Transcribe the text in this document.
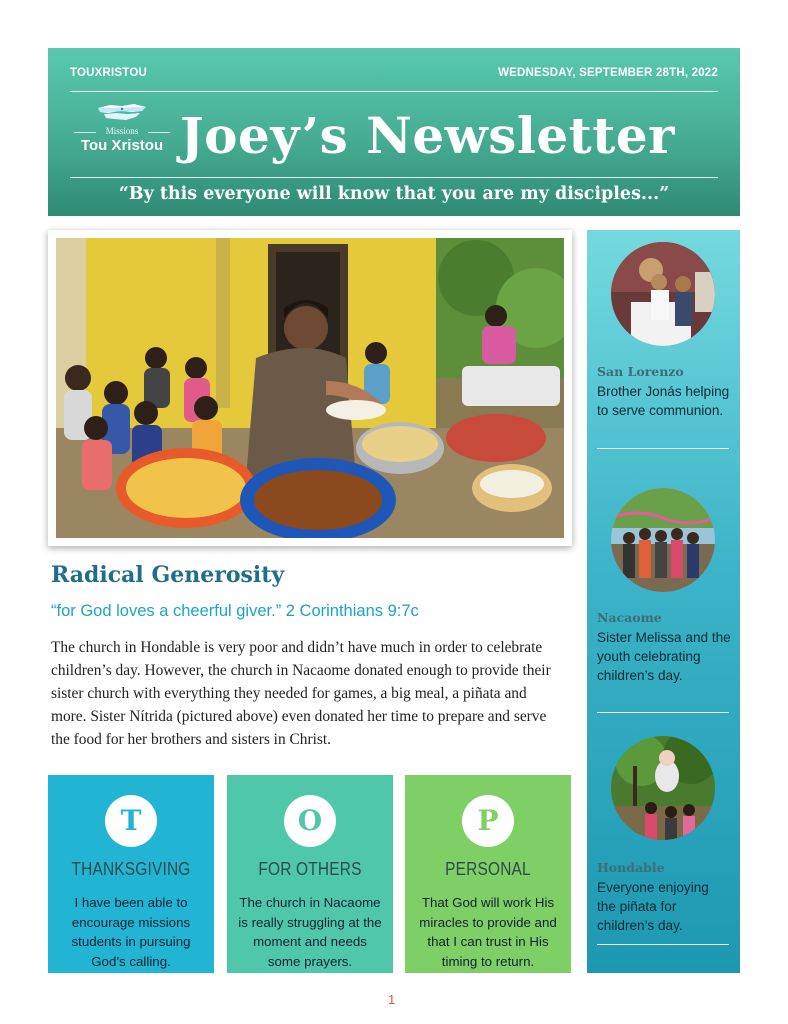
TOUXRISTOU	WEDNESDAY, SEPTEMBER 28TH, 2022
Missions
Tou Xristou Joey’s Newsletter
“By this everyone will know that you are my disciples...”
Radical Generosity
“for God loves a cheerful giver.” 2 Corinthians 9:7c
The church in Hondable is very poor and didn’t have much in order to celebrate children’s day. However, the church in Nacaome donated enough to provide their sister church with everything they needed for games, a big meal, a piñata and more. Sister Nítrida (pictured above) even donated her time to prepare and serve the food for her brothers and sisters in Christ.
T
THANKSGIVING
I have been able to encourage missions students in pursuing God’s calling.
O
FOR OTHERS
The church in Nacaome is really struggling at the moment and needs some prayers.
P
PERSONAL
That God will work His miracles to provide and that I can trust in His timing to return.
San Lorenzo
Brother Jonás helping to serve communion.
Nacaome
Sister Melissa and the youth celebrating children’s day.
Hondable
Everyone enjoying the piñata for children’s day.
1
